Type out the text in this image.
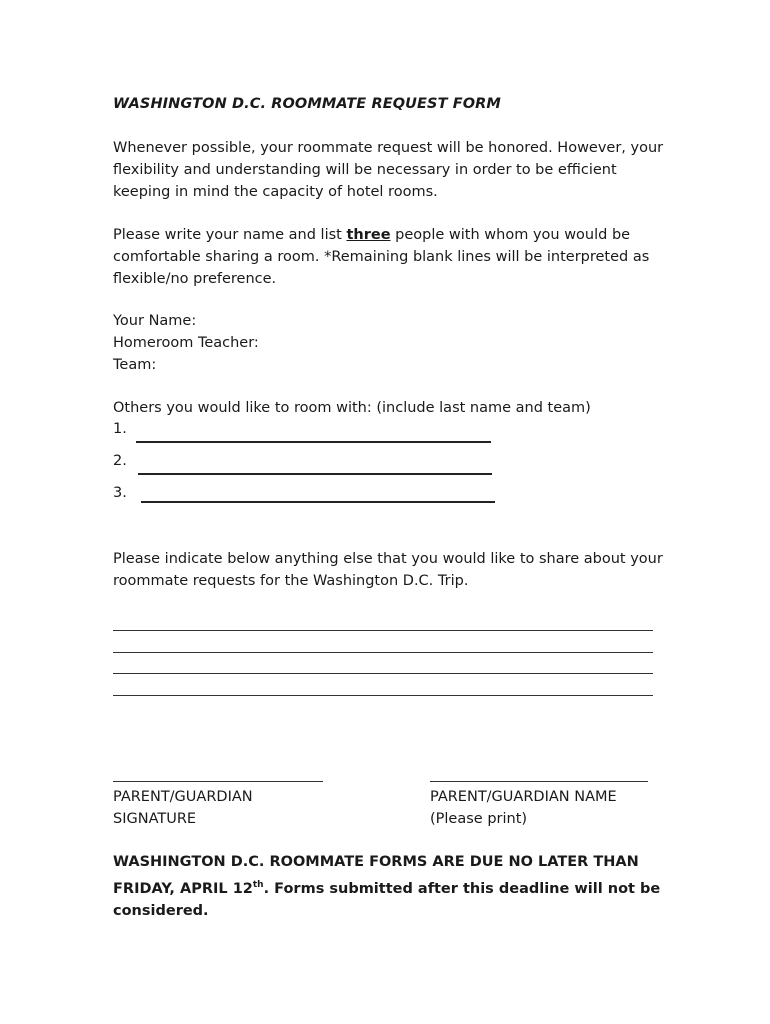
WASHINGTON D.C. ROOMMATE REQUEST FORM
Whenever possible, your roommate request will be honored. However, your
flexibility and understanding will be necessary in order to be efficient
keeping in mind the capacity of hotel rooms.
Please write your name and list three people with whom you would be
comfortable sharing a room. *Remaining blank lines will be interpreted as
flexible/no preference.
Your Name:
Homeroom Teacher:
Team:
Others you would like to room with: (include last name and team)
1.
2.
3.
Please indicate below anything else that you would like to share about your
roommate requests for the Washington D.C. Trip.
PARENT/GUARDIAN
SIGNATURE
PARENT/GUARDIAN NAME
(Please print)
WASHINGTON D.C. ROOMMATE FORMS ARE DUE NO LATER THAN
FRIDAY, APRIL 12th. Forms submitted after this deadline will not be
considered.
